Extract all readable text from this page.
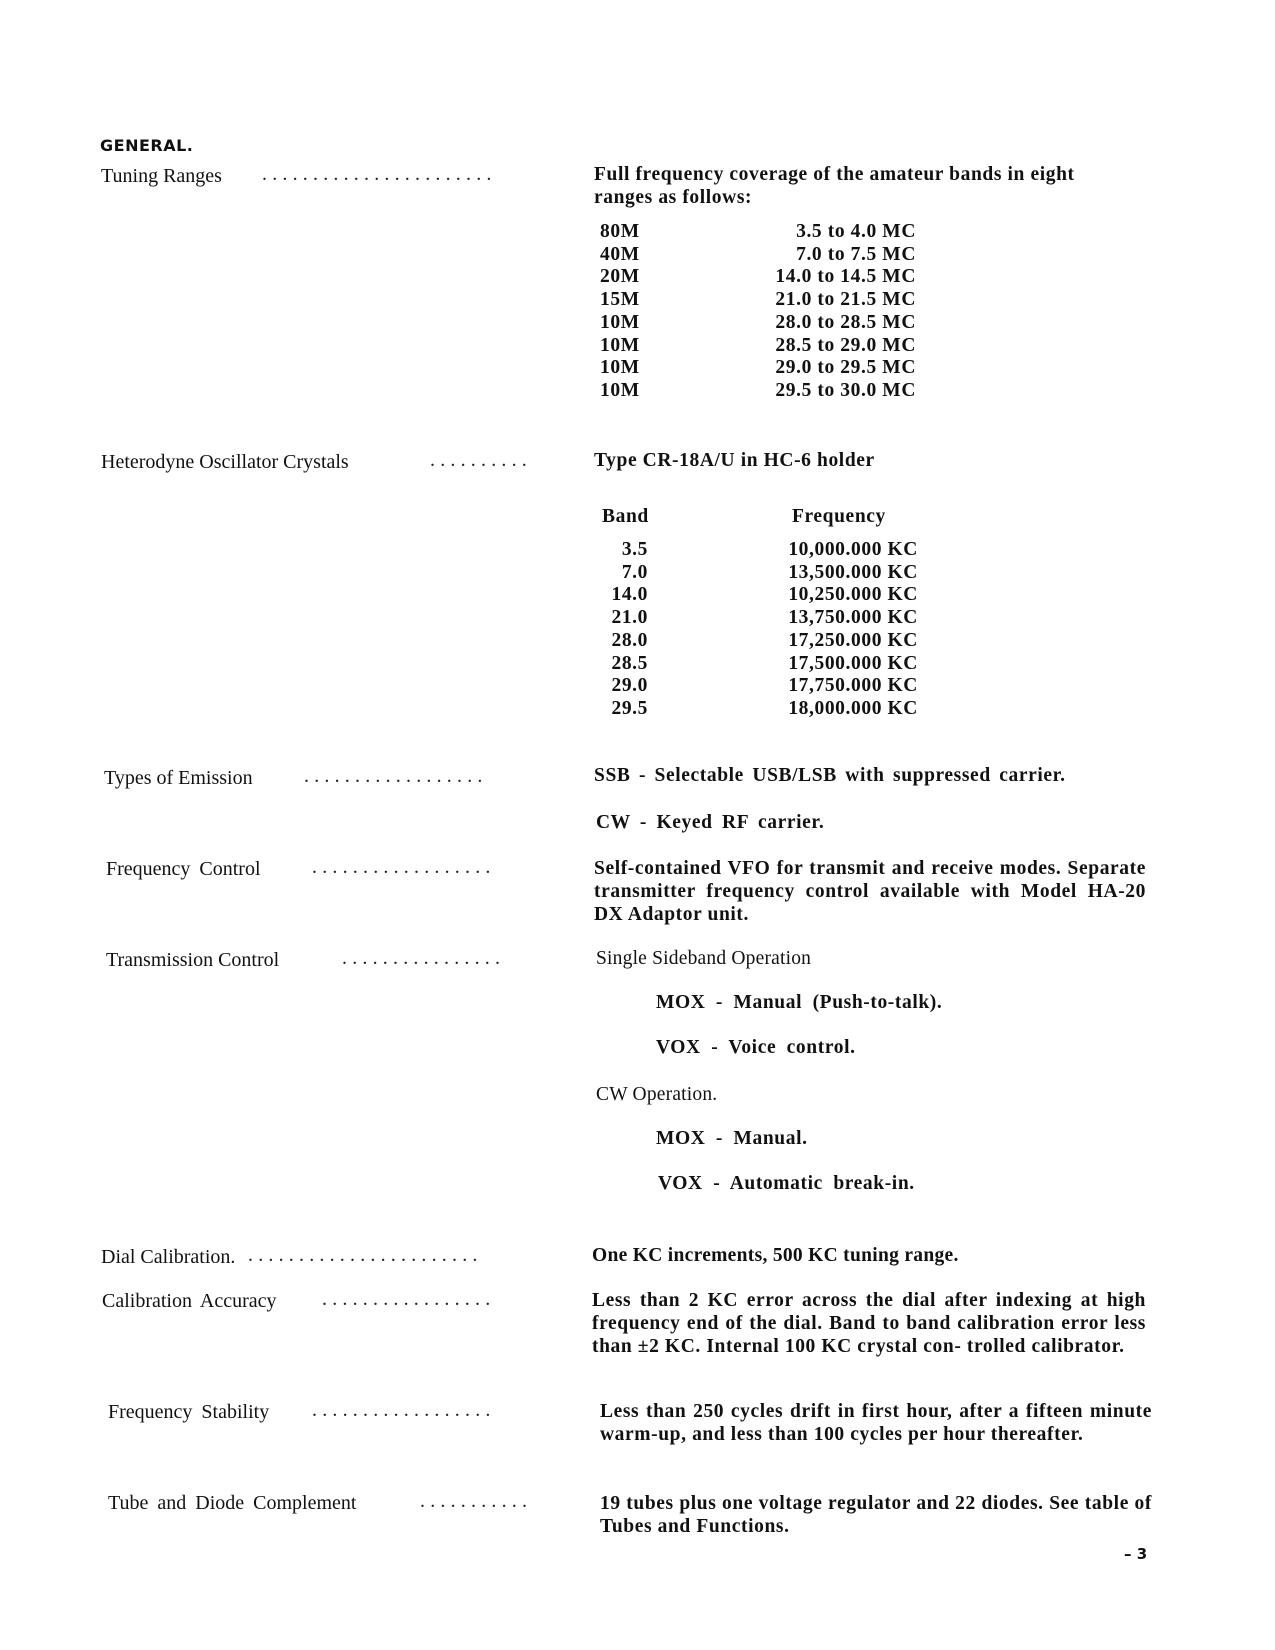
GENERAL.
Tuning Ranges .......................	Full frequency coverage of the amateur bands in eight
ranges as follows:
80M	3.5 to 4.0 MC
40M	7.0 to 7.5 MC
20M	14.0 to 14.5 MC
15M	21.0 to 21.5 MC
10M	28.0 to 28.5 MC
10M	28.5 to 29.0 MC
10M	29.0 to 29.5 MC
10M	29.5 to 30.0 MC
Heterodyne Oscillator Crystals	..........	Type CR-18A/U in HC-6 holder
Band	Frequency
3.5	10,000.000 KC
7.0	13,500.000 KC
14.0	10,250.000 KC
21.0	13,750.000 KC
28.0	17,250.000 KC
28.5	17,500.000 KC
29.0	17,750.000 KC
29.5	18,000.000 KC
Types of Emission	..................	SSB - Selectable USB/LSB with suppressed carrier.
CW - Keyed RF carrier.
Frequency Control	..................	Self-contained VFO for transmit and receive modes. Separate transmitter frequency control available with Model HA-20 DX Adaptor unit.
Transmission Control	................	Single Sideband Operation
MOX - Manual (Push-to-talk).
VOX - Voice control.
CW Operation.
MOX - Manual.
VOX - Automatic break-in.
Dial Calibration. .......................	One KC increments, 500 KC tuning range.
Calibration Accuracy .................	Less than 2 KC error across the dial after indexing at high frequency end of the dial. Band to band calibration error less than ±2 KC. Internal 100 KC crystal con- trolled calibrator.
Frequency Stability ..................	Less than 250 cycles drift in first hour, after a fifteen minute warm-up, and less than 100 cycles per hour thereafter.
Tube and Diode Complement	...........	19 tubes plus one voltage regulator and 22 diodes. See table of Tubes and Functions.
– 3
